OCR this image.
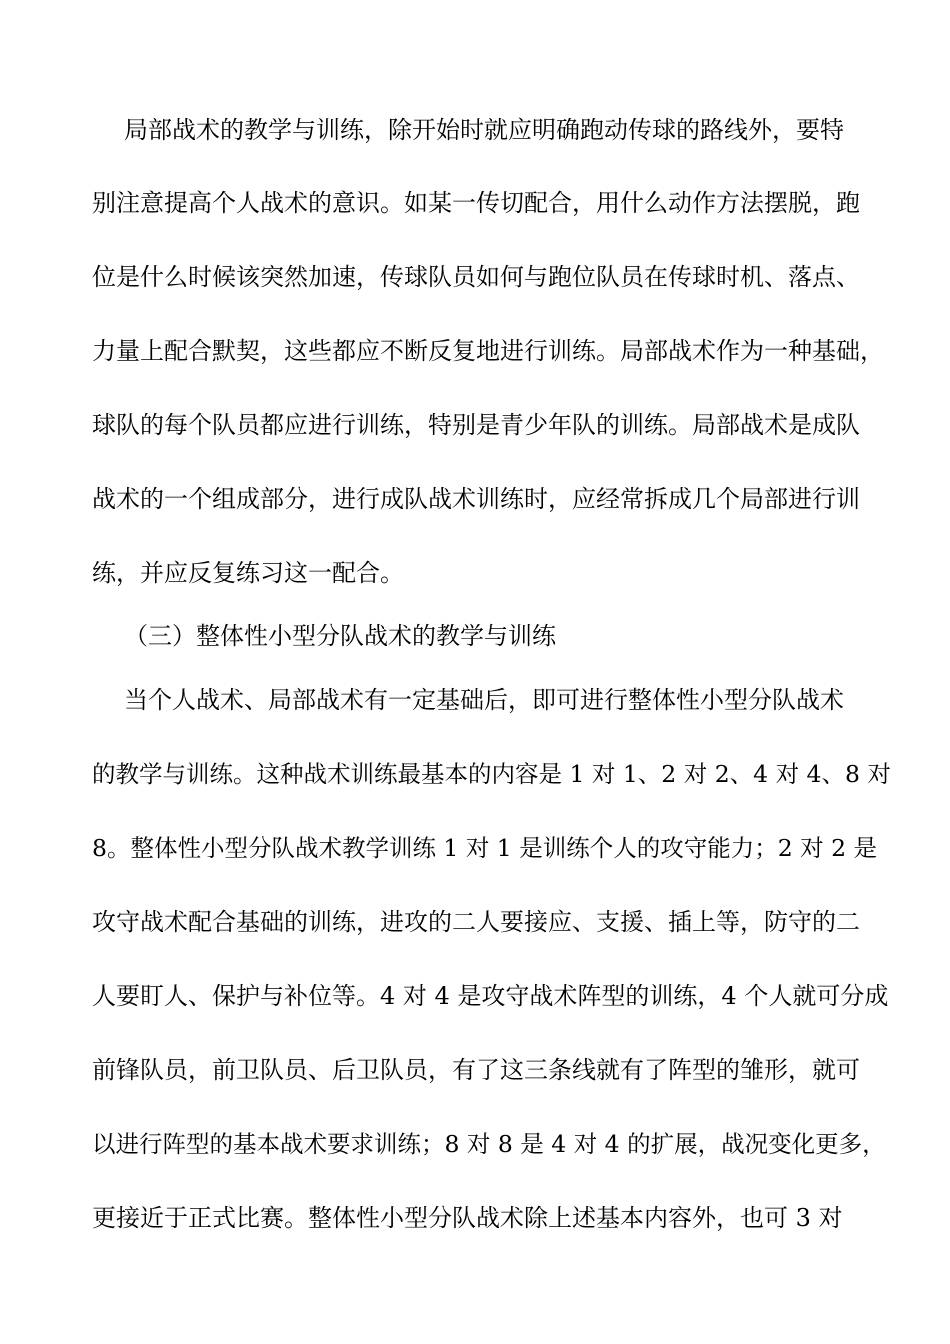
局部战术的教学与训练，除开始时就应明确跑动传球的路线外，要特
别注意提高个人战术的意识。如某一传切配合，用什么动作方法摆脱，跑
位是什么时候该突然加速，传球队员如何与跑位队员在传球时机、落点、
力量上配合默契，这些都应不断反复地进行训练。局部战术作为一种基础，
球队的每个队员都应进行训练，特别是青少年队的训练。局部战术是成队
战术的一个组成部分，进行成队战术训练时，应经常拆成几个局部进行训
练，并应反复练习这一配合。
（三）整体性小型分队战术的教学与训练
当个人战术、局部战术有一定基础后，即可进行整体性小型分队战术
的教学与训练。这种战术训练最基本的内容是 1 对 1、2 对 2、4 对 4、8 对
8。整体性小型分队战术教学训练 1 对 1 是训练个人的攻守能力；2 对 2 是
攻守战术配合基础的训练，进攻的二人要接应、支援、插上等，防守的二
人要盯人、保护与补位等。4 对 4 是攻守战术阵型的训练，4 个人就可分成
前锋队员，前卫队员、后卫队员，有了这三条线就有了阵型的雏形，就可
以进行阵型的基本战术要求训练；8 对 8 是 4 对 4 的扩展，战况变化更多，
更接近于正式比赛。整体性小型分队战术除上述基本内容外，也可 3 对
